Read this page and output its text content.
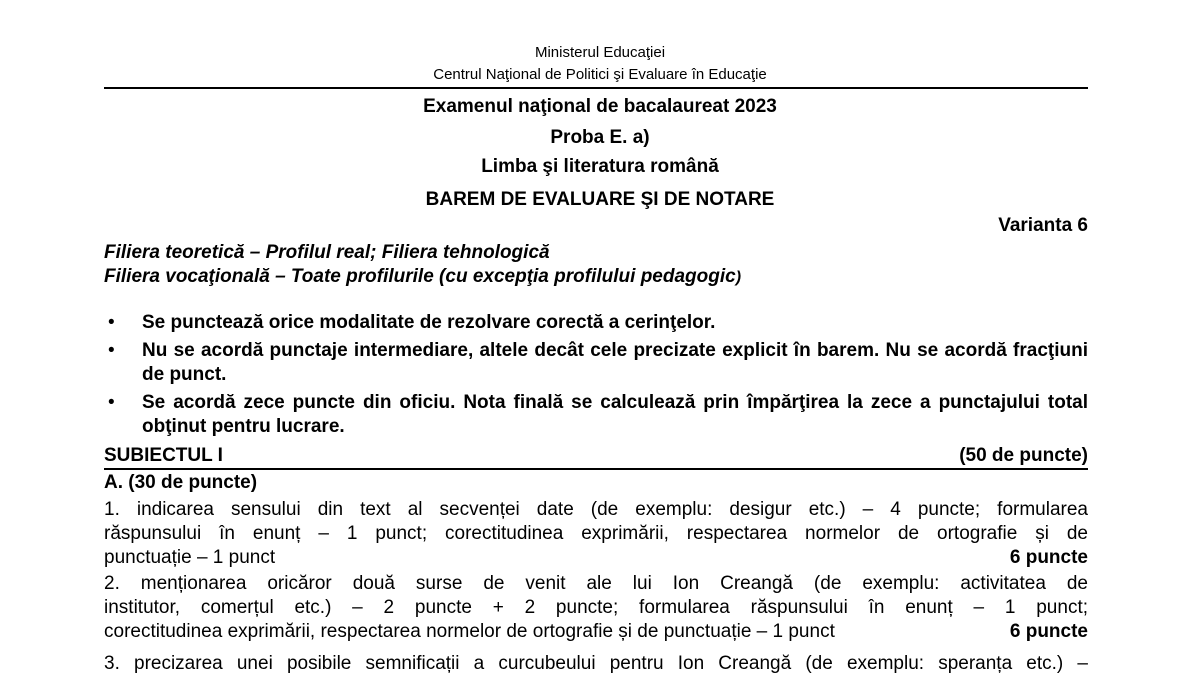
Ministerul Educaţiei
Centrul Naţional de Politici şi Evaluare în Educaţie
Examenul naţional de bacalaureat 2023
Proba E. a)
Limba şi literatura română
BAREM DE EVALUARE ŞI DE NOTARE
Varianta 6
Filiera teoretică – Profilul real; Filiera tehnologică
Filiera vocaţională – Toate profilurile (cu excepţia profilului pedagogic)
• Se punctează orice modalitate de rezolvare corectă a cerinţelor.
• Nu se acordă punctaje intermediare, altele decât cele precizate explicit în barem. Nu se acordă fracţiuni de punct.
• Se acordă zece puncte din oficiu. Nota finală se calculează prin împărţirea la zece a punctajului total obţinut pentru lucrare.
SUBIECTUL I	(50 de puncte)
A. (30 de puncte)
1. indicarea sensului din text al secvenței date (de exemplu: desigur etc.) – 4 puncte; formularea
răspunsului în enunț – 1 punct; corectitudinea exprimării, respectarea normelor de ortografie și de
punctuație – 1 punct	6 puncte
2. menționarea oricăror două surse de venit ale lui Ion Creangă (de exemplu: activitatea de
institutor, comerțul etc.) – 2 puncte + 2 puncte; formularea răspunsului în enunț – 1 punct;
corectitudinea exprimării, respectarea normelor de ortografie și de punctuație – 1 punct	6 puncte
3. precizarea unei posibile semnificații a curcubeului pentru Ion Creangă (de exemplu: speranța etc.) –
